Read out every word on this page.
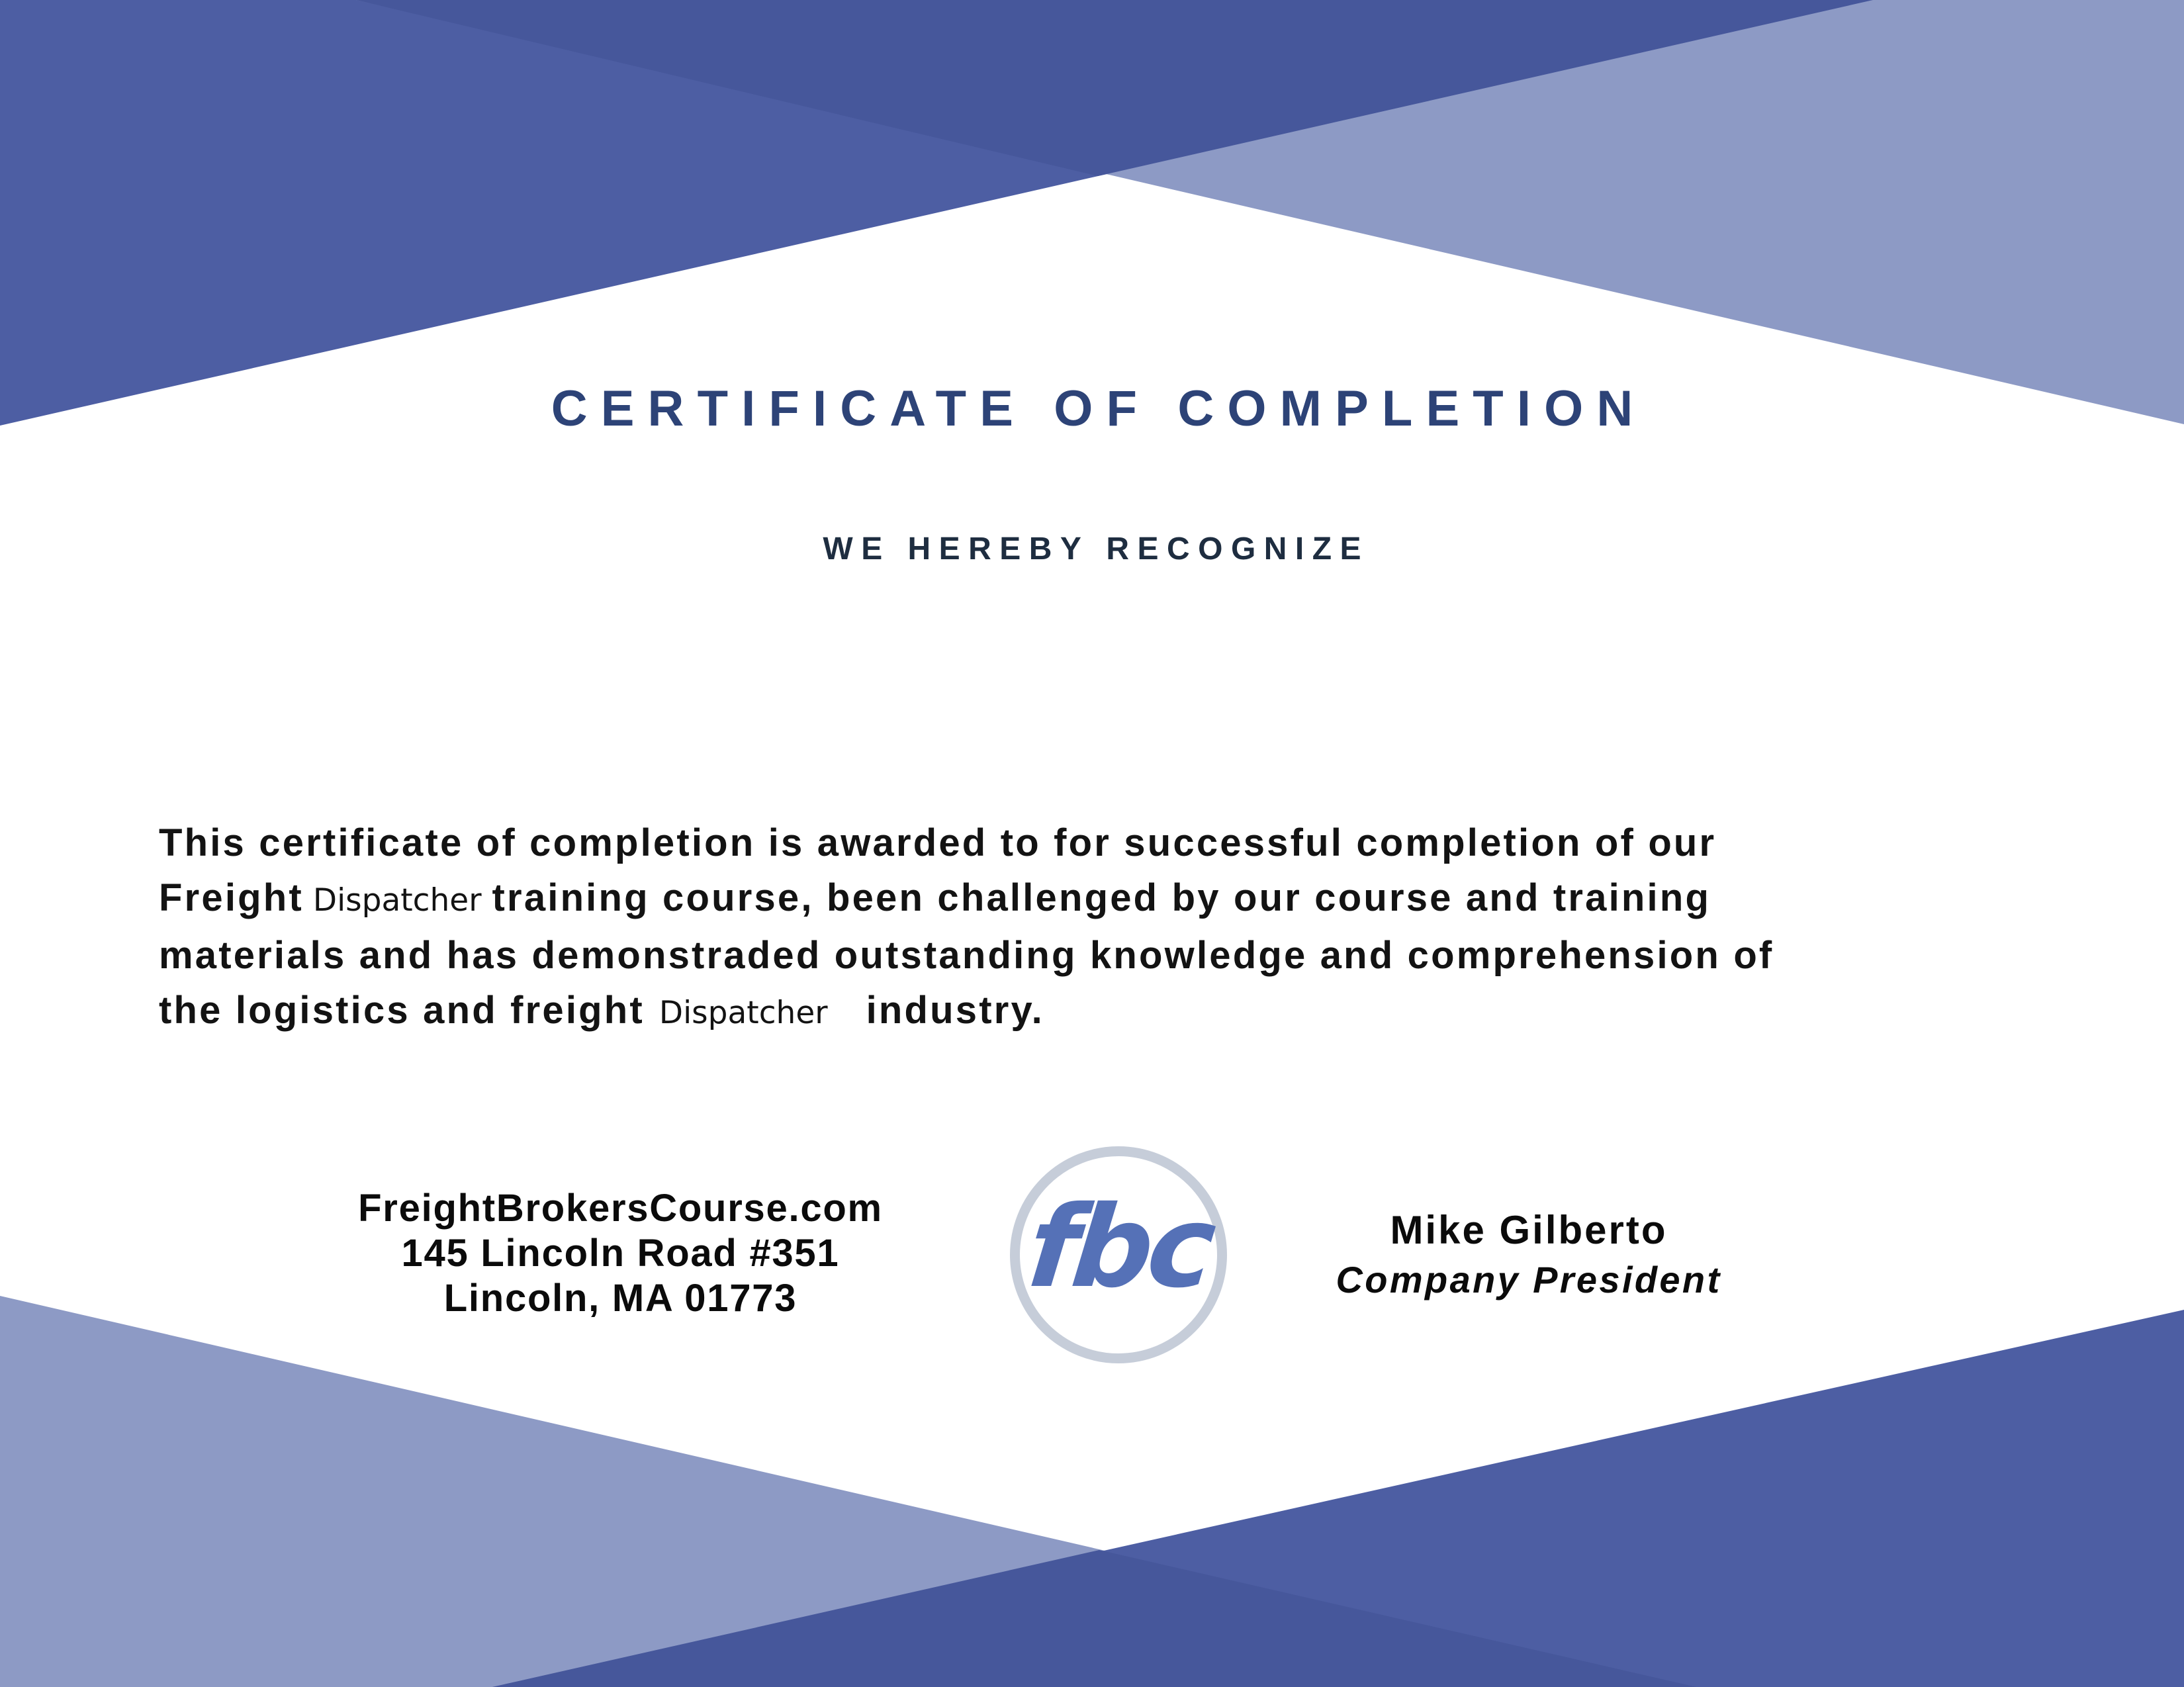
CERTIFICATE OF COMPLETION
WE HEREBY RECOGNIZE
This certificate of completion is awarded to for successful completion of our
Freight Dispatcher training course, been challenged by our course and training
materials and has demonstraded outstanding knowledge and comprehension of
the logistics and freight Dispatcher industry.
FreightBrokersCourse.com
145 Lincoln Road #351
Lincoln, MA 01773	fbc	Mike Gilberto
Company President
